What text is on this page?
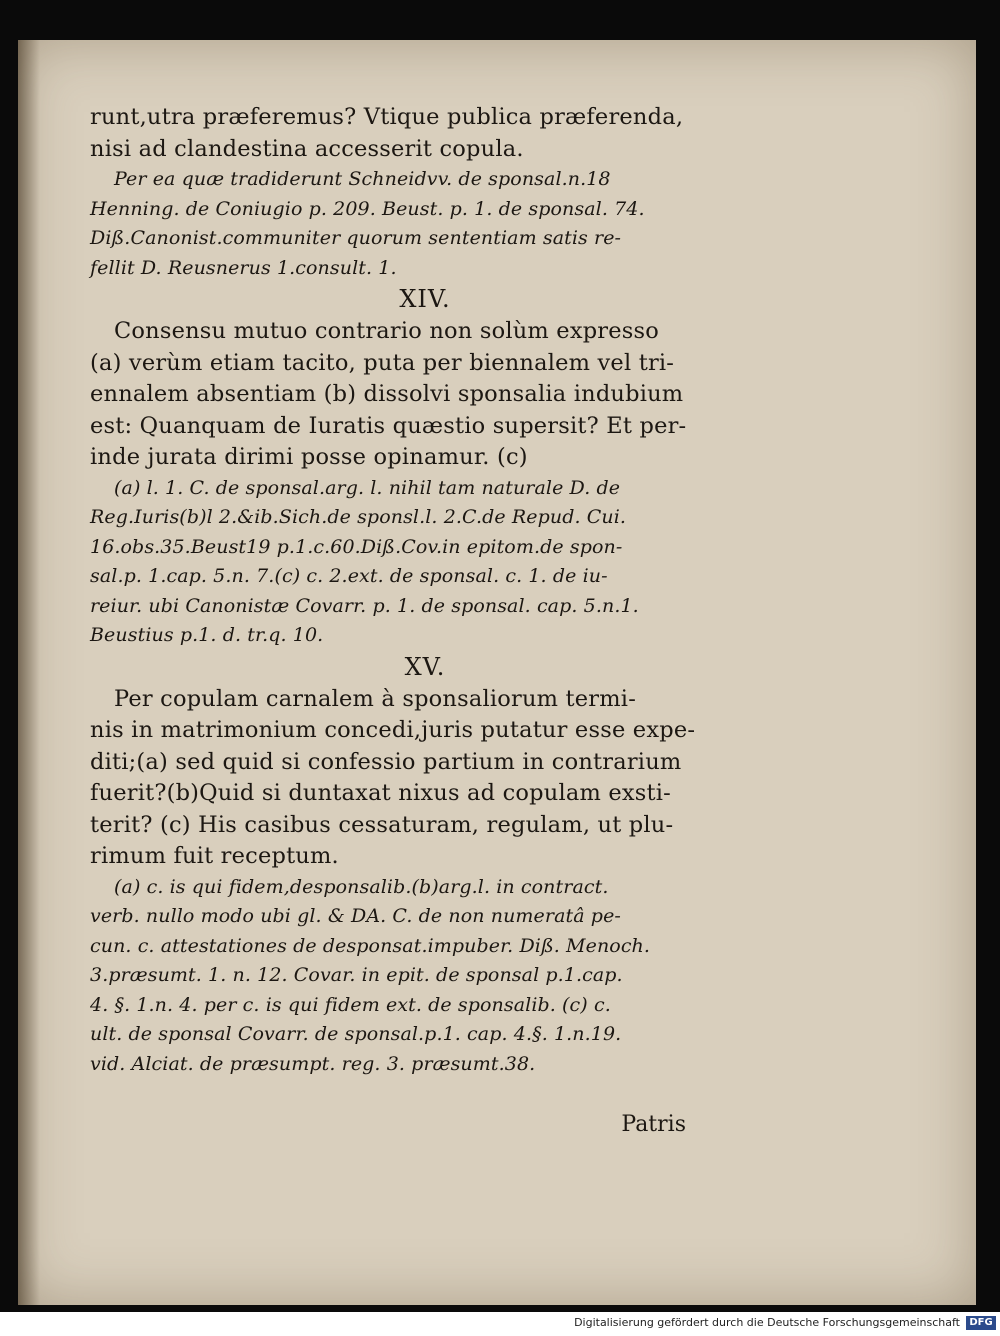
runt,utra præferemus? Vtique publica præferenda,
nisi ad clandestina accesserit copula.
Per ea quæ tradiderunt Schneidvv. de sponsal.n.18
Henning. de Coniugio p. 209. Beust. p. 1. de sponsal. 74.
Diß.Canonist.communiter quorum sententiam satis re-
fellit D. Reusnerus 1.consult. 1.
XIV.
Consensu mutuo contrario non solùm expresso
(a) verùm etiam tacito, puta per biennalem vel tri-
ennalem absentiam (b) dissolvi sponsalia indubium
est: Quanquam de Iuratis quæstio supersit? Et per-
inde jurata dirimi posse opinamur. (c)
(a) l. 1. C. de sponsal.arg. l. nihil tam naturale D. de
Reg.Iuris(b)l 2.&ib.Sich.de sponsl.l. 2.C.de Repud. Cui.
16.obs.35.Beust19 p.1.c.60.Diß.Cov.in epitom.de spon-
sal.p. 1.cap. 5.n. 7.(c) c. 2.ext. de sponsal. c. 1. de iu-
reiur. ubi Canonistæ Covarr. p. 1. de sponsal. cap. 5.n.1.
Beustius p.1. d. tr.q. 10.
XV.
Per copulam carnalem à sponsaliorum termi-
nis in matrimonium concedi,juris putatur esse expe-
diti;(a) sed quid si confessio partium in contrarium
fuerit?(b)Quid si duntaxat nixus ad copulam exsti-
terit? (c) His casibus cessaturam, regulam, ut plu-
rimum fuit receptum.
(a) c. is qui fidem,desponsalib.(b)arg.l. in contract.
verb. nullo modo ubi gl. & DA. C. de non numeratâ pe-
cun. c. attestationes de desponsat.impuber. Diß. Menoch.
3.præsumt. 1. n. 12. Covar. in epit. de sponsal p.1.cap.
4. §. 1.n. 4. per c. is qui fidem ext. de sponsalib. (c) c.
ult. de sponsal Covarr. de sponsal.p.1. cap. 4.§. 1.n.19.
vid. Alciat. de præsumpt. reg. 3. præsumt.38.
Patris
Digitalisierung gefördert durch die Deutsche Forschungsgemeinschaft DFG
